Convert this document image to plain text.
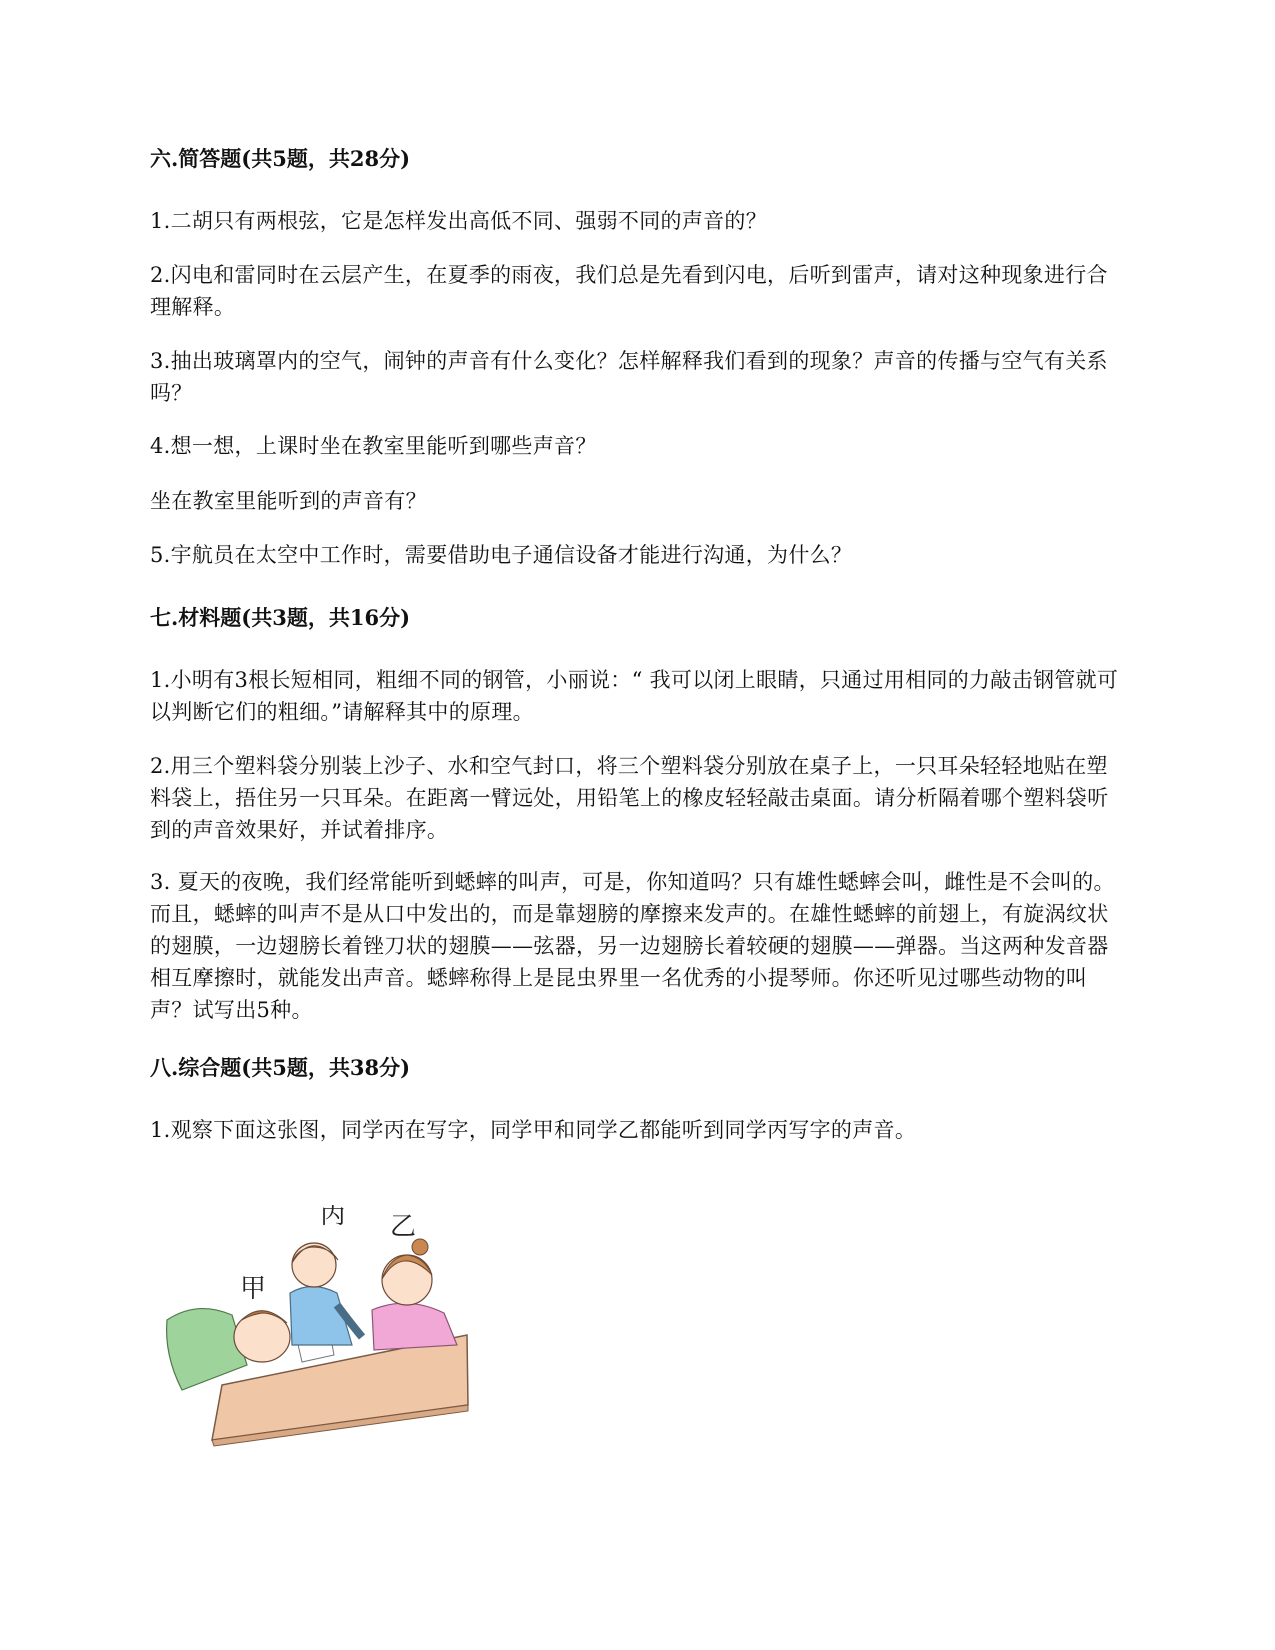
六.简答题(共5题，共28分)
1.二胡只有两根弦，它是怎样发出高低不同、强弱不同的声音的？
2.闪电和雷同时在云层产生，在夏季的雨夜，我们总是先看到闪电，后听到雷声，请对这种现象进行合理解释。
3.抽出玻璃罩内的空气，闹钟的声音有什么变化？怎样解释我们看到的现象？声音的传播与空气有关系吗？
4.想一想，上课时坐在教室里能听到哪些声音？
坐在教室里能听到的声音有？
5.宇航员在太空中工作时，需要借助电子通信设备才能进行沟通，为什么？
七.材料题(共3题，共16分)
1.小明有3根长短相同，粗细不同的钢管，小丽说：“ 我可以闭上眼睛，只通过用相同的力敲击钢管就可以判断它们的粗细。”请解释其中的原理。
2.用三个塑料袋分别装上沙子、水和空气封口，将三个塑料袋分别放在桌子上，一只耳朵轻轻地贴在塑料袋上，捂住另一只耳朵。在距离一臂远处，用铅笔上的橡皮轻轻敲击桌面。请分析隔着哪个塑料袋听到的声音效果好，并试着排序。
3. 夏天的夜晚，我们经常能听到蟋蟀的叫声，可是，你知道吗？只有雄性蟋蟀会叫，雌性是不会叫的。而且，蟋蟀的叫声不是从口中发出的，而是靠翅膀的摩擦来发声的。在雄性蟋蟀的前翅上，有旋涡纹状的翅膜，一边翅膀长着锉刀状的翅膜——弦器，另一边翅膀长着较硬的翅膜——弹器。当这两种发音器相互摩擦时，就能发出声音。蟋蟀称得上是昆虫界里一名优秀的小提琴师。你还听见过哪些动物的叫声？试写出5种。
八.综合题(共5题，共38分)
1.观察下面这张图，同学丙在写字，同学甲和同学乙都能听到同学丙写字的声音。
丙 乙
甲
